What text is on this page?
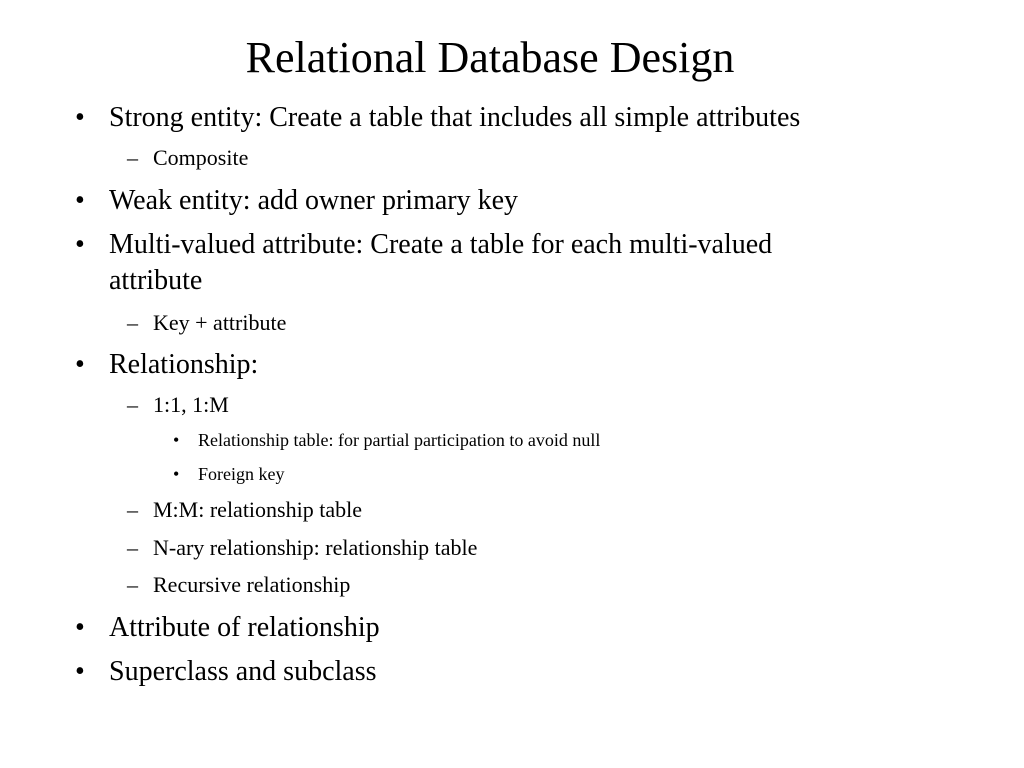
Relational Database Design
• Strong entity: Create a table that includes all simple attributes
– Composite
• Weak entity: add owner primary key
• Multi-valued attribute: Create a table for each multi-valued
attribute
– Key + attribute
• Relationship:
– 1:1, 1:M
• Relationship table: for partial participation to avoid null
• Foreign key
– M:M: relationship table
– N-ary relationship: relationship table
– Recursive relationship
• Attribute of relationship
• Superclass and subclass
